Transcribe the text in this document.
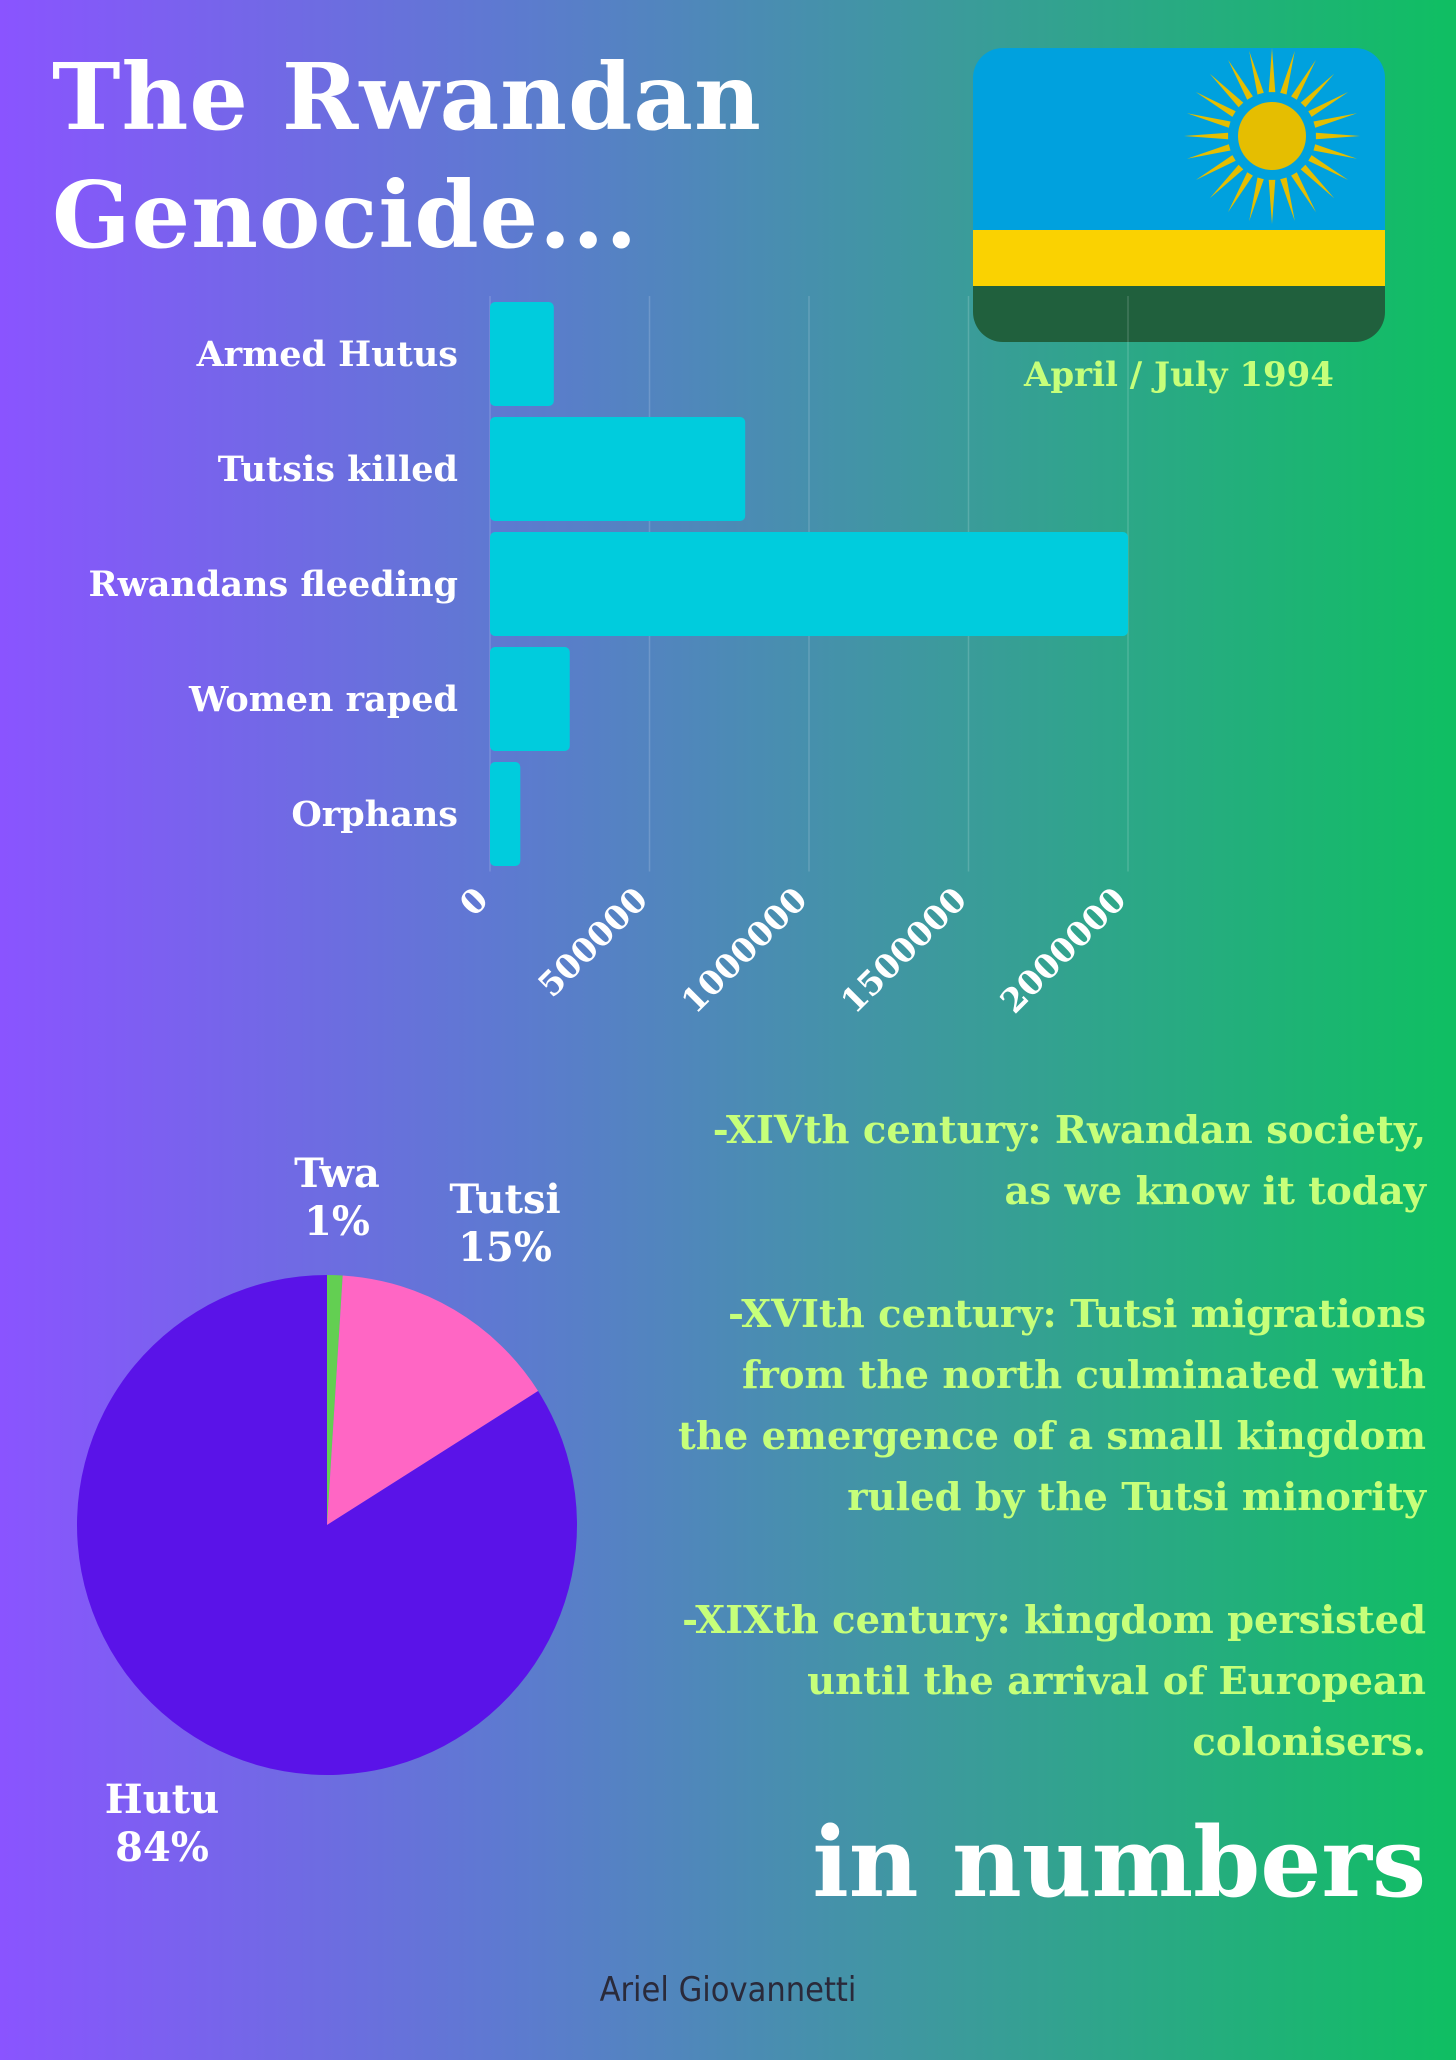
The Rwandan
Genocide...
April / July 1994
Armed Hutus
Tutsis killed
Rwandans fleeding
Women raped
Orphans
0 500000 1000000 1500000 2000000
Twa
1%	Tutsi
15%
Hutu
84%

-XIVth century: Rwandan society,
as we know it today

-XVIth century: Tutsi migrations
from the north culminated with
the emergence of a small kingdom
ruled by the Tutsi minority

-XIXth century: kingdom persisted
until the arrival of European
colonisers.

in numbers
Ariel Giovannetti
